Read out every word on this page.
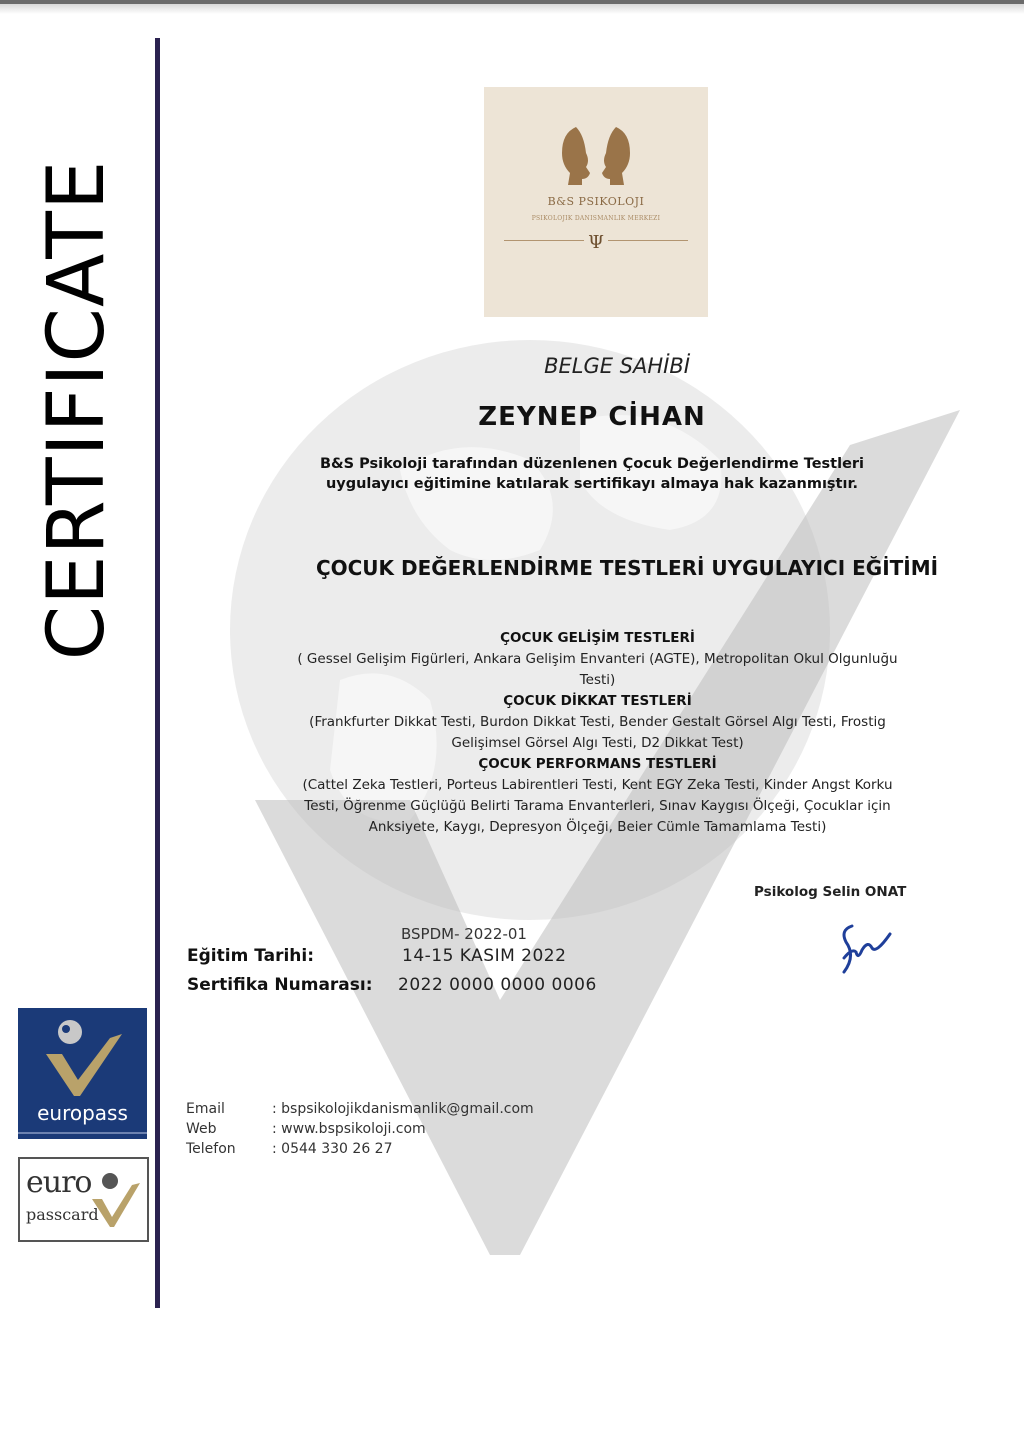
CERTIFICATE	B&S PSIKOLOJI
PSIKOLOJIK DANISMANLIK MERKEZI
Ψ
BELGE SAHİBİ
ZEYNEP CİHAN
B&S Psikoloji tarafından düzenlenen Çocuk Değerlendirme Testleri
uygulayıcı eğitimine katılarak sertifikayı almaya hak kazanmıştır.
ÇOCUK DEĞERLENDİRME TESTLERİ UYGULAYICI EĞİTİMİ
ÇOCUK GELİŞİM TESTLERİ
( Gessel Gelişim Figürleri, Ankara Gelişim Envanteri (AGTE), Metropolitan Okul Olgunluğu
Testi)
ÇOCUK DİKKAT TESTLERİ
(Frankfurter Dikkat Testi, Burdon Dikkat Testi, Bender Gestalt Görsel Algı Testi, Frostig
Gelişimsel Görsel Algı Testi, D2 Dikkat Test)
ÇOCUK PERFORMANS TESTLERİ
(Cattel Zeka Testleri, Porteus Labirentleri Testi, Kent EGY Zeka Testi, Kinder Angst Korku
Testi, Öğrenme Güçlüğü Belirti Tarama Envanterleri, Sınav Kaygısı Ölçeği, Çocuklar için
Anksiyete, Kaygı, Depresyon Ölçeği, Beier Cümle Tamamlama Testi)
Psikolog Selin ONAT
BSPDM- 2022-01
Eğitim Tarihi:	14-15 KASIM 2022
Sertifika Numarası: 2022 0000 0000 0006
Email	: bspsikolojikdanismanlik@gmail.com
Web	: www.bspsikoloji.com
Telefon	: 0544 330 26 27
europass
euro
passcard
